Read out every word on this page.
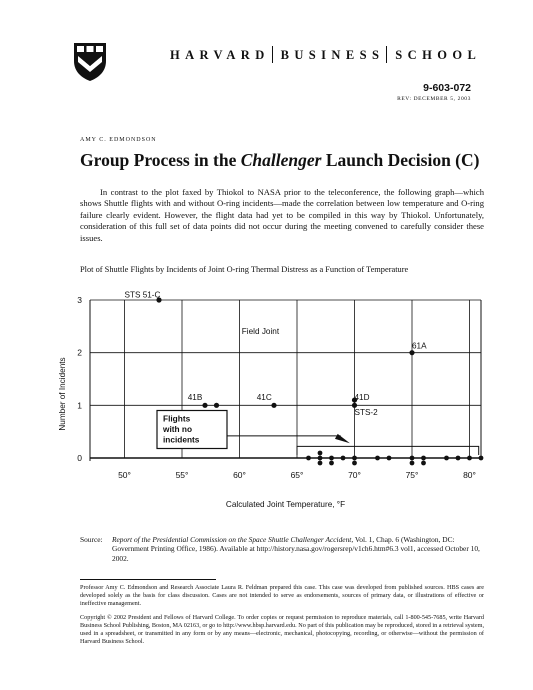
HARVARD BUSINESS SCHOOL
9-603-072
REV: DECEMBER 5, 2003
AMY C. EDMONDSON
Group Process in the Challenger Launch Decision (C)
In contrast to the plot faxed by Thiokol to NASA prior to the teleconference, the following graph—which shows Shuttle flights with and without O-ring incidents—made the correlation between low temperature and O-ring failure clearly evident. However, the flight data had yet to be compiled in this way by Thiokol. Unfortunately, consideration of this full set of data points did not occur during the meeting convened to carefully consider these issues.
Plot of Shuttle Flights by Incidents of Joint O-ring Thermal Distress as a Function of Temperature
50°	55°	60°	65°	70°	75°	80°
0
1
2
3
Calculated Joint Temperature, °F
Number of Incidents
STS 51-C
Field Joint
61A
41B	41C	41D
STS-2
Flights
with no
incidents
Source: Report of the Presidential Commission on the Space Shuttle Challenger Accident, Vol. 1, Chap. 6 (Washington, DC: Government Printing Office, 1986). Available at http://history.nasa.gov/rogersrep/v1ch6.htm#6.3 vol1, accessed October 10, 2002.
Professor Amy C. Edmondson and Research Associate Laura R. Feldman prepared this case. This case was developed from published sources. HBS cases are developed solely as the basis for class discussion. Cases are not intended to serve as endorsements, sources of primary data, or illustrations of effective or ineffective management.
Copyright © 2002 President and Fellows of Harvard College. To order copies or request permission to reproduce materials, call 1-800-545-7685, write Harvard Business School Publishing, Boston, MA 02163, or go to http://www.hbsp.harvard.edu. No part of this publication may be reproduced, stored in a retrieval system, used in a spreadsheet, or transmitted in any form or by any means—electronic, mechanical, photocopying, recording, or otherwise—without the permission of Harvard Business School.
